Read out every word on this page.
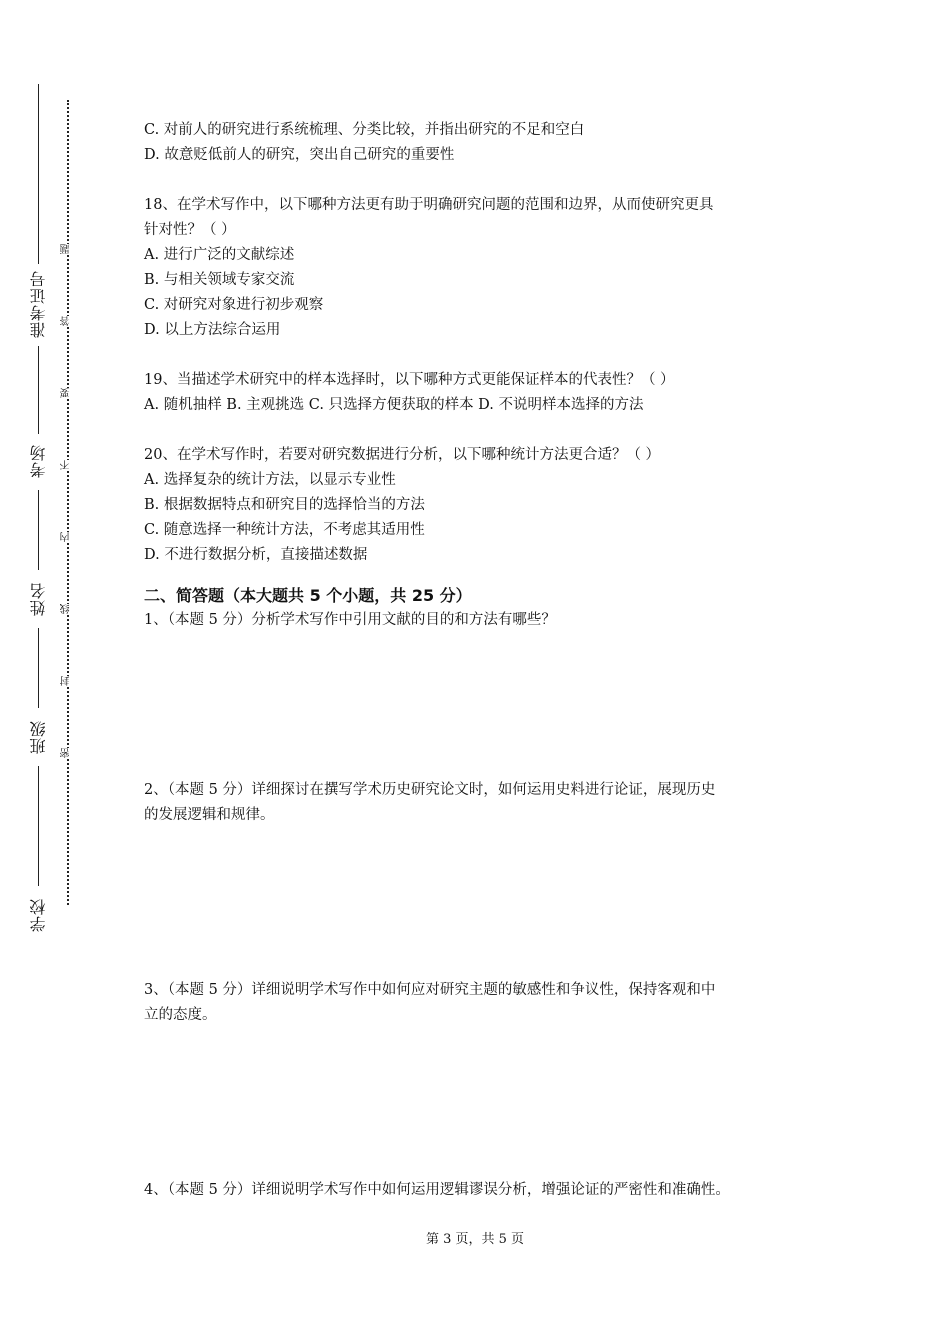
准考证号
考场
姓名
班级
学校
题
答
要
不
内
线
封
密
C. 对前人的研究进行系统梳理、分类比较，并指出研究的不足和空白
D. 故意贬低前人的研究，突出自己研究的重要性
18、在学术写作中，以下哪种方法更有助于明确研究问题的范围和边界，从而使研究更具
针对性？（ ）
A. 进行广泛的文献综述
B. 与相关领域专家交流
C. 对研究对象进行初步观察
D. 以上方法综合运用
19、当描述学术研究中的样本选择时，以下哪种方式更能保证样本的代表性？（ ）
A. 随机抽样 B. 主观挑选 C. 只选择方便获取的样本 D. 不说明样本选择的方法
20、在学术写作时，若要对研究数据进行分析，以下哪种统计方法更合适？（ ）
A. 选择复杂的统计方法，以显示专业性
B. 根据数据特点和研究目的选择恰当的方法
C. 随意选择一种统计方法，不考虑其适用性
D. 不进行数据分析，直接描述数据
二、简答题（本大题共 5 个小题，共 25 分）
1、（本题 5 分）分析学术写作中引用文献的目的和方法有哪些？
2、（本题 5 分）详细探讨在撰写学术历史研究论文时，如何运用史料进行论证，展现历史
的发展逻辑和规律。
3、（本题 5 分）详细说明学术写作中如何应对研究主题的敏感性和争议性，保持客观和中
立的态度。
4、（本题 5 分）详细说明学术写作中如何运用逻辑谬误分析，增强论证的严密性和准确性。
第 3 页，共 5 页
